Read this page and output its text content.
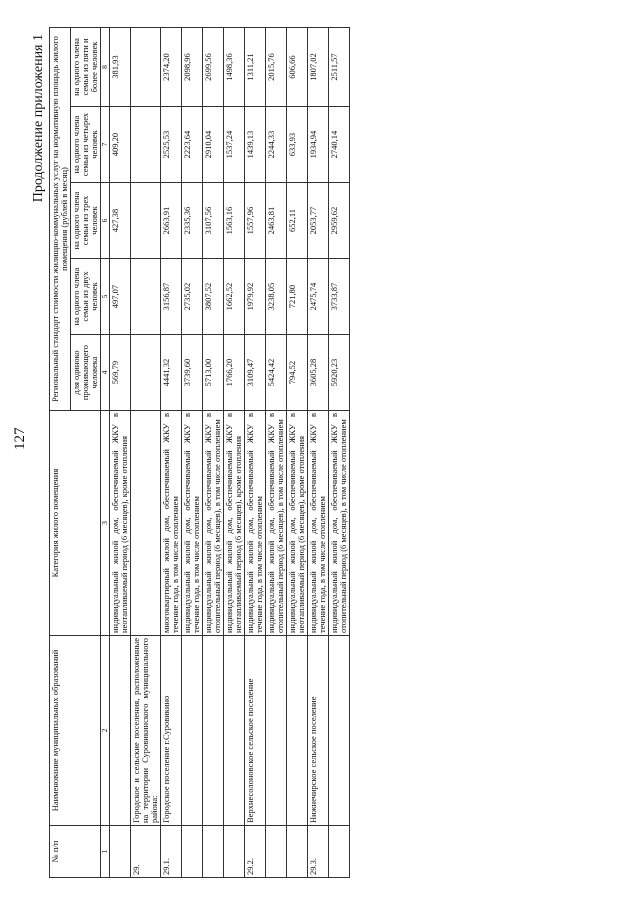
127
Продолжение приложения 1
№ п/п	Наименование муниципальных образований	Категория жилого помещения	Региональный стандарт стоимости жилищно-коммунальных услуг на нормативную площадь жилого помещения (рублей в месяц)				
			для одиноко проживающего человека	на одного члена семьи из двух человек	на одного члена семьи из трех человек	на одного члена семьи из четырех человек	на одного члена семьи из пяти и более человек
1	2	3	4	5	6	7	8
		индивидуальный жилой дом, обеспечиваемый ЖКУ в неотапливаемый период (6 месяцев), кроме отопления	569,79	497,07	427,38	409,20	381,93
29.	Городское и сельские поселения, расположенные на территории Суровикинского муниципального района:						
29.1.	Городское поселение г.Суровикино	многоквартирный жилой дом, обеспечиваемый ЖКУ в течение года, в том числе отоплением	4441,32	3156,87	2663,91	2525,53	2374,20
		индивидуальный жилой дом, обеспечиваемый ЖКУ в течение года, в том числе отоплением	3739,60	2735,02	2335,36	2223,64	2098,96
		индивидуальный жилой дом, обеспечиваемый ЖКУ в отопительный период (6 месяцев), в том числе отоплением	5713,00	3807,52	3107,56	2910,04	2699,56
		индивидуальный жилой дом, обеспечиваемый ЖКУ в неотапливаемый период (6 месяцев), кроме отопления	1766,20	1662,52	1563,16	1537,24	1498,36
29.2.	Верхнесолоновское сельское поселение	индивидуальный жилой дом, обеспечиваемый ЖКУ в течение года, в том числе отоплением	3109,47	1979,92	1557,96	1439,13	1311,21
		индивидуальный жилой дом, обеспечиваемый ЖКУ в отопительный период (6 месяцев), в том числе отоплением	5424,42	3238,05	2463,81	2244,33	2015,76
		индивидуальный жилой дом, обеспечиваемый ЖКУ в неотапливаемый период (6 месяцев), кроме отопления	794,52	721,80	652,11	633,93	606,66
29.3.	Нижнечирское сельское поселение	индивидуальный жилой дом, обеспечиваемый ЖКУ в течение года, в том числе отоплением	3605,28	2475,74	2053,77	1934,94	1807,02
		индивидуальный жилой дом, обеспечиваемый ЖКУ в отопительный период (6 месяцев), в том числе отоплением	5920,23	3733,87	2959,62	2740,14	2511,57
